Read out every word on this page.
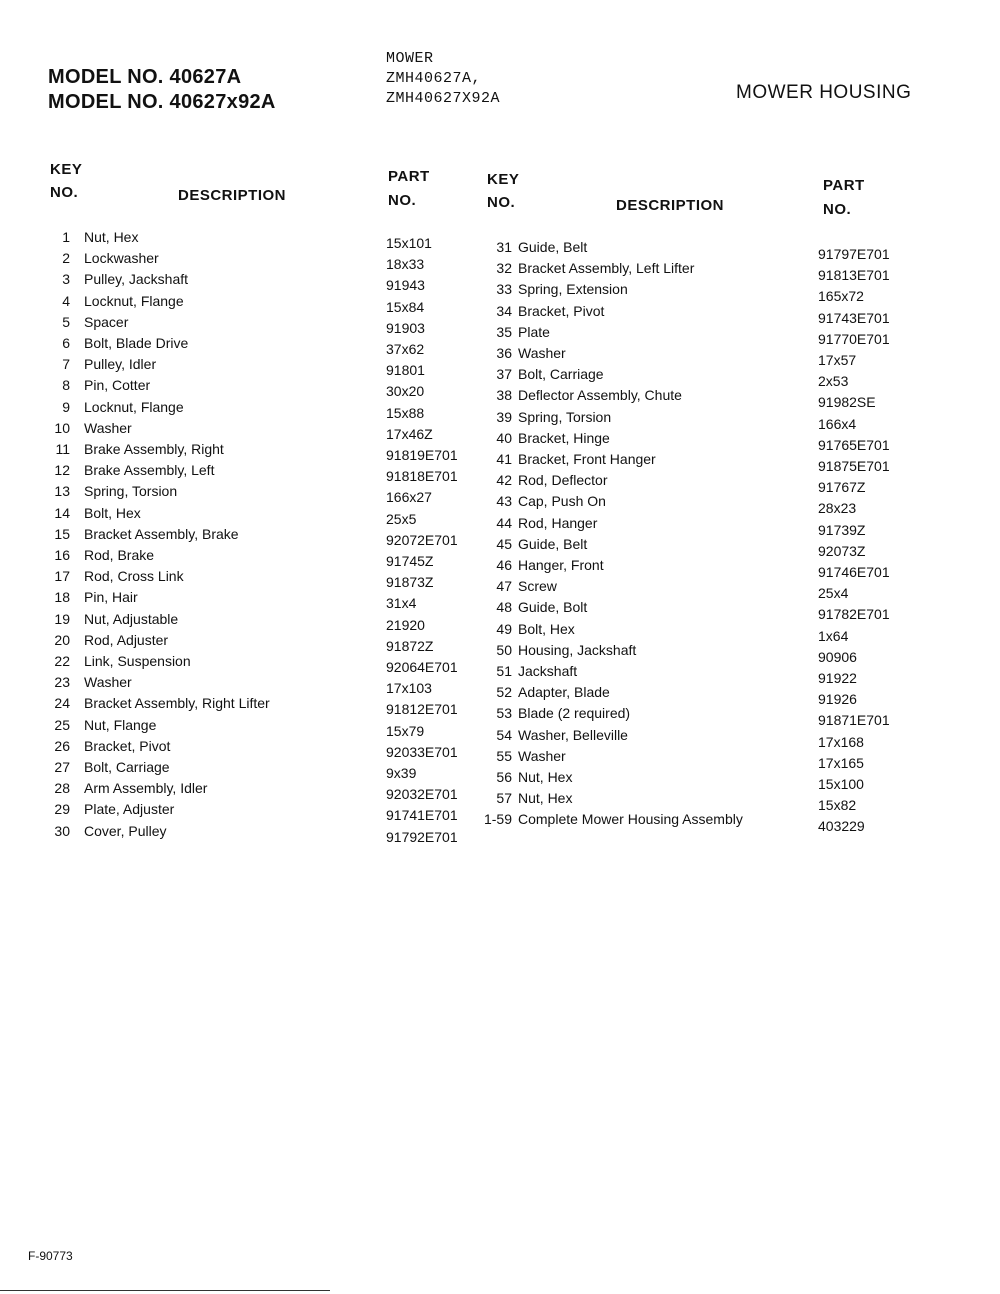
MODEL NO. 40627A
MODEL NO. 40627x92A
MOWER
ZMH40627A,
ZMH40627X92A	MOWER HOUSING
KEY
NO.	DESCRIPTION
PART
NO.
KEY
NO.	DESCRIPTION
PART
NO.
1 Nut, Hex	15x101
2 Lockwasher	18x33
3 Pulley, Jackshaft	91943
4 Locknut, Flange	15x84
5 Spacer	91903
6 Bolt, Blade Drive	37x62
7 Pulley, Idler	91801
8 Pin, Cotter	30x20
9 Locknut, Flange	15x88
10 Washer	17x46Z
11 Brake Assembly, Right	91819E701
12 Brake Assembly, Left	91818E701
13 Spring, Torsion	166x27
14 Bolt, Hex	25x5
15 Bracket Assembly, Brake	92072E701
16 Rod, Brake	91745Z
17 Rod, Cross Link	91873Z
18 Pin, Hair	31x4
19 Nut, Adjustable	21920
20 Rod, Adjuster	91872Z
22 Link, Suspension	92064E701
23 Washer	17x103
24 Bracket Assembly, Right Lifter	91812E701
25 Nut, Flange	15x79
26 Bracket, Pivot	92033E701
27 Bolt, Carriage	9x39
28 Arm Assembly, Idler	92032E701
29 Plate, Adjuster	91741E701
30 Cover, Pulley	91792E701
31 Guide, Belt	91797E701
32 Bracket Assembly, Left Lifter	91813E701
33 Spring, Extension	165x72
34 Bracket, Pivot	91743E701
35 Plate	91770E701
36 Washer	17x57
37 Bolt, Carriage	2x53
38 Deflector Assembly, Chute	91982SE
39 Spring, Torsion	166x4
40 Bracket, Hinge	91765E701
41 Bracket, Front Hanger	91875E701
42 Rod, Deflector	91767Z
43 Cap, Push On	28x23
44 Rod, Hanger	91739Z
45 Guide, Belt	92073Z
46 Hanger, Front	91746E701
47 Screw	25x4
48 Guide, Bolt	91782E701
49 Bolt, Hex	1x64
50 Housing, Jackshaft	90906
51 Jackshaft	91922
52 Adapter, Blade	91926
53 Blade (2 required)	91871E701
54 Washer, Belleville	17x168
55 Washer	17x165
56 Nut, Hex	15x100
57 Nut, Hex	15x82
1-59 Complete Mower Housing Assembly	403229
F-90773
